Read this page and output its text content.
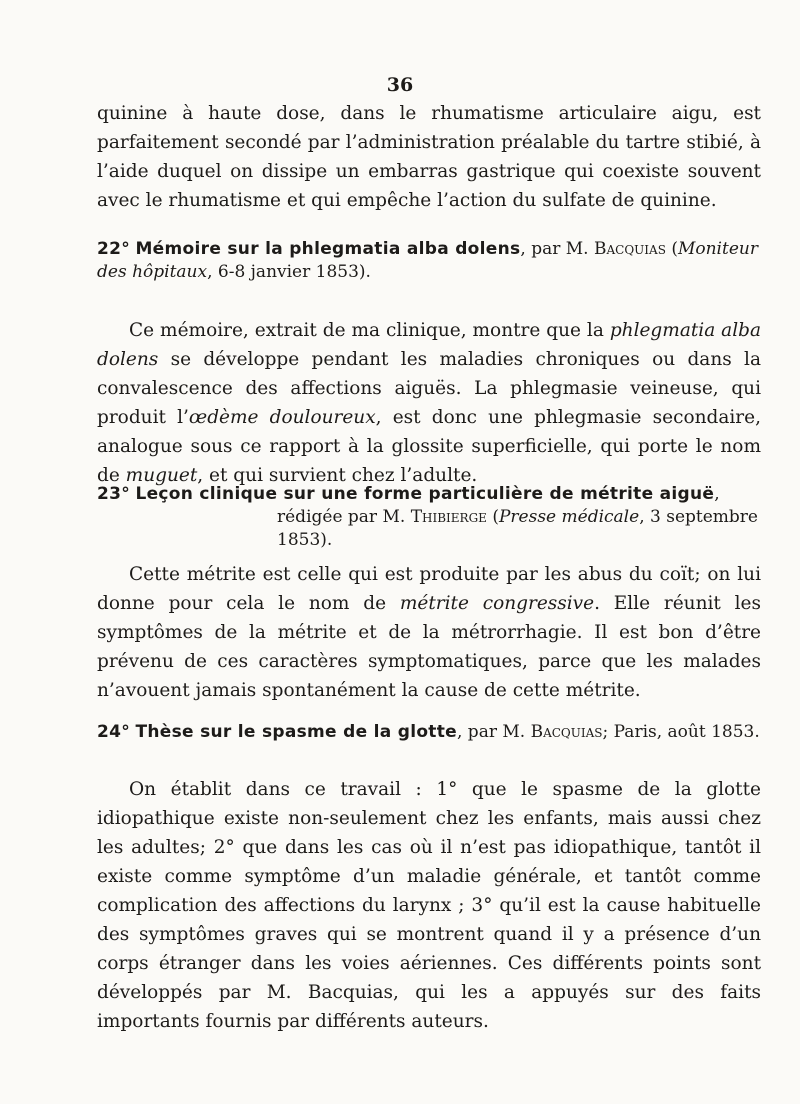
36
quinine à haute dose, dans le rhumatisme articulaire aigu, est parfaitement secondé par l’administration préalable du tartre stibié, à l’aide duquel on dissipe un embarras gastrique qui coexiste souvent avec le rhumatisme et qui empêche l’action du sulfate de quinine.
22° Mémoire sur la phlegmatia alba dolens, par M. Bacquias (Moniteur des hôpitaux, 6-8 janvier 1853).
Ce mémoire, extrait de ma clinique, montre que la phlegmatia alba dolens se développe pendant les maladies chroniques ou dans la convalescence des affections aiguës. La phlegmasie veineuse, qui produit l’œdème douloureux, est donc une phlegmasie secondaire, analogue sous ce rapport à la glossite superficielle, qui porte le nom de muguet, et qui survient chez l’adulte.
23° Leçon clinique sur une forme particulière de métrite aiguë,
rédigée par M. Thibierge (Presse médicale, 3 septembre 1853).
Cette métrite est celle qui est produite par les abus du coït; on lui donne pour cela le nom de métrite congressive. Elle réunit les symptômes de la métrite et de la métrorrhagie. Il est bon d’être prévenu de ces caractères symptomatiques, parce que les malades n’avouent jamais spontanément la cause de cette métrite.
24° Thèse sur le spasme de la glotte, par M. Bacquias; Paris, août 1853.
On établit dans ce travail : 1° que le spasme de la glotte idiopathique existe non-seulement chez les enfants, mais aussi chez les adultes; 2° que dans les cas où il n’est pas idiopathique, tantôt il existe comme symptôme d’un maladie générale, et tantôt comme complication des affections du larynx ; 3° qu’il est la cause habituelle des symptômes graves qui se montrent quand il y a présence d’un corps étranger dans les voies aériennes. Ces différents points sont développés par M. Bacquias, qui les a appuyés sur des faits importants fournis par différents auteurs.
